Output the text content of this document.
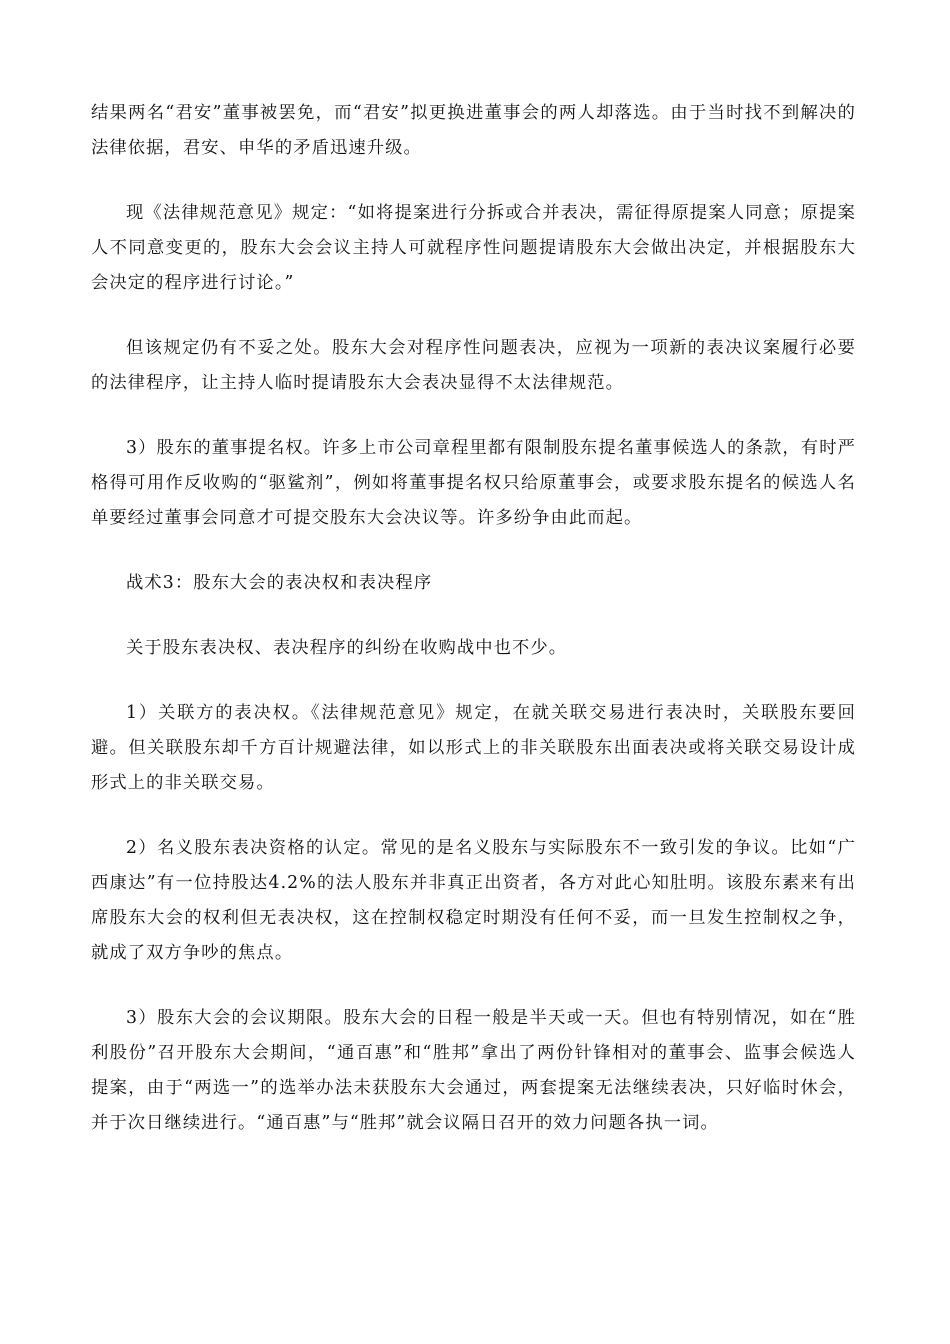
结果两名“君安”董事被罢免，而“君安”拟更换进董事会的两人却落选。由于当时找不到解决的法律依据，君安、申华的矛盾迅速升级。

现《法律规范意见》规定：“如将提案进行分拆或合并表决，需征得原提案人同意；原提案人不同意变更的，股东大会会议主持人可就程序性问题提请股东大会做出决定，并根据股东大会决定的程序进行讨论。”

但该规定仍有不妥之处。股东大会对程序性问题表决，应视为一项新的表决议案履行必要的法律程序，让主持人临时提请股东大会表决显得不太法律规范。

3）股东的董事提名权。许多上市公司章程里都有限制股东提名董事候选人的条款，有时严格得可用作反收购的“驱鲨剂”，例如将董事提名权只给原董事会，或要求股东提名的候选人名单要经过董事会同意才可提交股东大会决议等。许多纷争由此而起。

战术3：股东大会的表决权和表决程序

关于股东表决权、表决程序的纠纷在收购战中也不少。

1）关联方的表决权。《法律规范意见》规定，在就关联交易进行表决时，关联股东要回避。但关联股东却千方百计规避法律，如以形式上的非关联股东出面表决或将关联交易设计成形式上的非关联交易。

2）名义股东表决资格的认定。常见的是名义股东与实际股东不一致引发的争议。比如“广西康达”有一位持股达4.2%的法人股东并非真正出资者，各方对此心知肚明。该股东素来有出席股东大会的权利但无表决权，这在控制权稳定时期没有任何不妥，而一旦发生控制权之争，就成了双方争吵的焦点。

3）股东大会的会议期限。股东大会的日程一般是半天或一天。但也有特别情况，如在“胜利股份”召开股东大会期间，“通百惠”和“胜邦”拿出了两份针锋相对的董事会、监事会候选人提案，由于“两选一”的选举办法未获股东大会通过，两套提案无法继续表决，只好临时休会，并于次日继续进行。“通百惠”与“胜邦”就会议隔日召开的效力问题各执一词。
